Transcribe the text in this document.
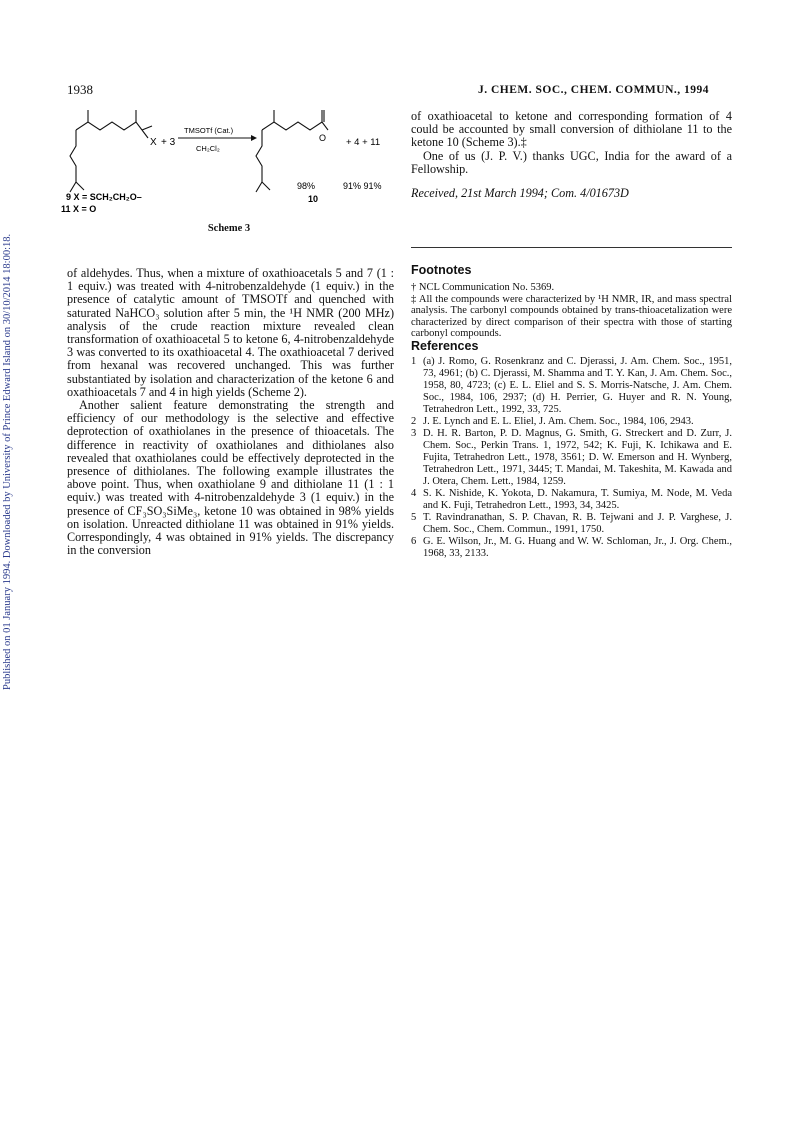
1938	J. CHEM. SOC., CHEM. COMMUN., 1994
Published on 01 January 1994. Downloaded by University of Prince Edward Island on 30/10/2014 18:00:18.
X + 3
TMSOTf (Cat.)
CH₂Cl₂
O + 4 + 11
98%	91% 91%
10
9 X = SCH₂CH₂O–
11 X = O
Scheme 3

of aldehydes. Thus, when a mixture of oxathioacetals 5 and 7 (1 : 1 equiv.) was treated with 4-nitrobenzaldehyde (1 equiv.) in the presence of catalytic amount of TMSOTf and quenched with saturated NaHCO₃ solution after 5 min, the ¹H NMR (200 MHz) analysis of the crude reaction mixture revealed clean transformation of oxathioacetal 5 to ketone 6, 4-nitrobenzaldehyde 3 was converted to its oxathioacetal 4. The oxathioacetal 7 derived from hexanal was recovered unchanged. This was further substantiated by isolation and characterization of the ketone 6 and oxathioacetals 7 and 4 in high yields (Scheme 2).

Another salient feature demonstrating the strength and efficiency of our methodology is the selective and effective deprotection of oxathiolanes in the presence of thioacetals. The difference in reactivity of oxathiolanes and dithiolanes also revealed that oxathiolanes could be effectively deprotected in the presence of dithiolanes. The following example illustrates the above point. Thus, when oxathiolane 9 and dithiolane 11 (1 : 1 equiv.) was treated with 4-nitrobenzaldehyde 3 (1 equiv.) in the presence of CF₃SO₃SiMe₃, ketone 10 was obtained in 98% yields on isolation. Unreacted dithiolane 11 was obtained in 91% yields. Correspondingly, 4 was obtained in 91% yields. The discrepancy in the conversion

of oxathioacetal to ketone and corresponding formation of 4 could be accounted by small conversion of dithiolane 11 to the ketone 10 (Scheme 3).‡

One of us (J. P. V.) thanks UGC, India for the award of a Fellowship.

Received, 21st March 1994; Com. 4/01673D
Footnotes

† NCL Communication No. 5369.

‡ All the compounds were characterized by ¹H NMR, IR, and mass spectral analysis. The carbonyl compounds obtained by trans-thioacetalization were characterized by direct comparison of their spectra with those of starting carbonyl compounds.

References
1 (a) J. Romo, G. Rosenkranz and C. Djerassi, J. Am. Chem. Soc., 1951, 73, 4961; (b) C. Djerassi, M. Shamma and T. Y. Kan, J. Am. Chem. Soc., 1958, 80, 4723; (c) E. L. Eliel and S. S. Morris-Natsche, J. Am. Chem. Soc., 1984, 106, 2937; (d) H. Perrier, G. Huyer and R. N. Young, Tetrahedron Lett., 1992, 33, 725.
2 J. E. Lynch and E. L. Eliel, J. Am. Chem. Soc., 1984, 106, 2943.
3 D. H. R. Barton, P. D. Magnus, G. Smith, G. Streckert and D. Zurr, J. Chem. Soc., Perkin Trans. 1, 1972, 542; K. Fuji, K. Ichikawa and E. Fujita, Tetrahedron Lett., 1978, 3561; D. W. Emerson and H. Wynberg, Tetrahedron Lett., 1971, 3445; T. Mandai, M. Takeshita, M. Kawada and J. Otera, Chem. Lett., 1984, 1259.
4 S. K. Nishide, K. Yokota, D. Nakamura, T. Sumiya, M. Node, M. Veda and K. Fuji, Tetrahedron Lett., 1993, 34, 3425.
5 T. Ravindranathan, S. P. Chavan, R. B. Tejwani and J. P. Varghese, J. Chem. Soc., Chem. Commun., 1991, 1750.
6 G. E. Wilson, Jr., M. G. Huang and W. W. Schloman, Jr., J. Org. Chem., 1968, 33, 2133.
